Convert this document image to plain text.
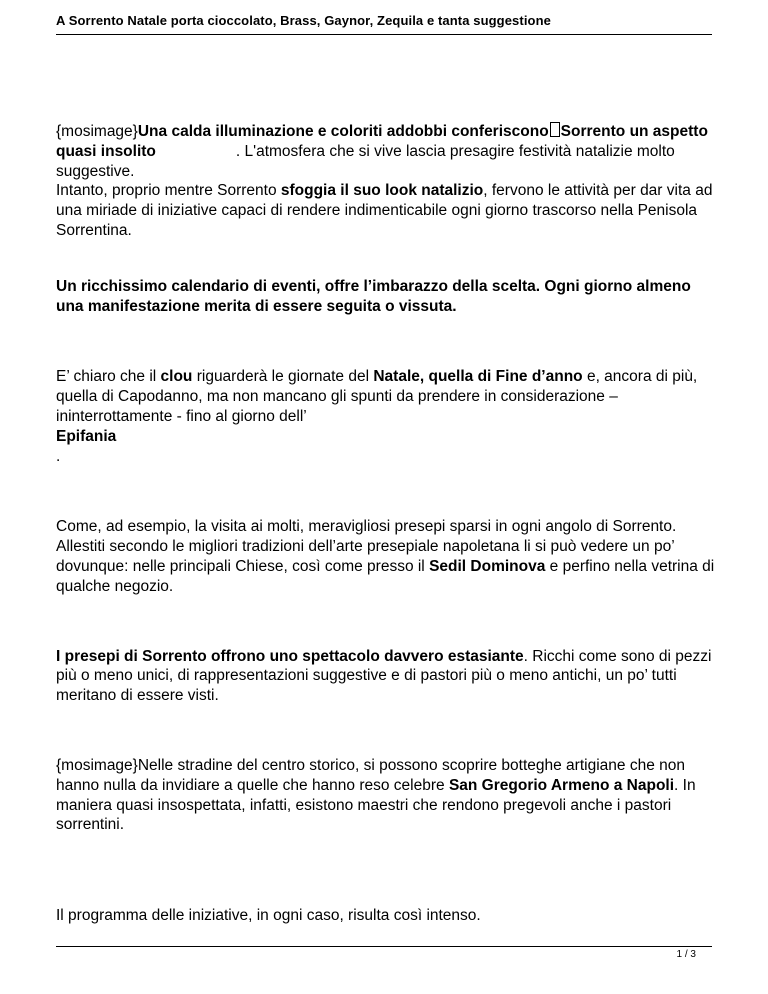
A Sorrento Natale porta cioccolato, Brass, Gaynor, Zequila e tanta suggestione

{mosimage}Una calda illuminazione e coloriti addobbi conferiscono Sorrento un aspetto quasi insolito	. L'atmosfera che si vive lascia presagire festività natalizie molto suggestive.

Intanto, proprio mentre Sorrento sfoggia il suo look natalizio, fervono le attività per dar vita ad una miriade di iniziative capaci di rendere indimenticabile ogni giorno trascorso nella Penisola Sorrentina.

Un ricchissimo calendario di eventi, offre l’imbarazzo della scelta. Ogni giorno almeno una manifestazione merita di essere seguita o vissuta.

E’ chiaro che il clou riguarderà le giornate del Natale, quella di Fine d’anno e, ancora di più, quella di Capodanno, ma non mancano gli spunti da prendere in considerazione – ininterrottamente - fino al giorno dell’
Epifania
.

Come, ad esempio, la visita ai molti, meravigliosi presepi sparsi in ogni angolo di Sorrento. Allestiti secondo le migliori tradizioni dell’arte presepiale napoletana li si può vedere un po’ dovunque: nelle principali Chiese, così come presso il Sedil Dominova e perfino nella vetrina di qualche negozio.

I presepi di Sorrento offrono uno spettacolo davvero estasiante. Ricchi come sono di pezzi più o meno unici, di rappresentazioni suggestive e di pastori più o meno antichi, un po’ tutti meritano di essere visti.

{mosimage}Nelle stradine del centro storico, si possono scoprire botteghe artigiane che non hanno nulla da invidiare a quelle che hanno reso celebre San Gregorio Armeno a Napoli. In maniera quasi insospettata, infatti, esistono maestri che rendono pregevoli anche i pastori sorrentini.

Il programma delle iniziative, in ogni caso, risulta così intenso.

1 / 3
